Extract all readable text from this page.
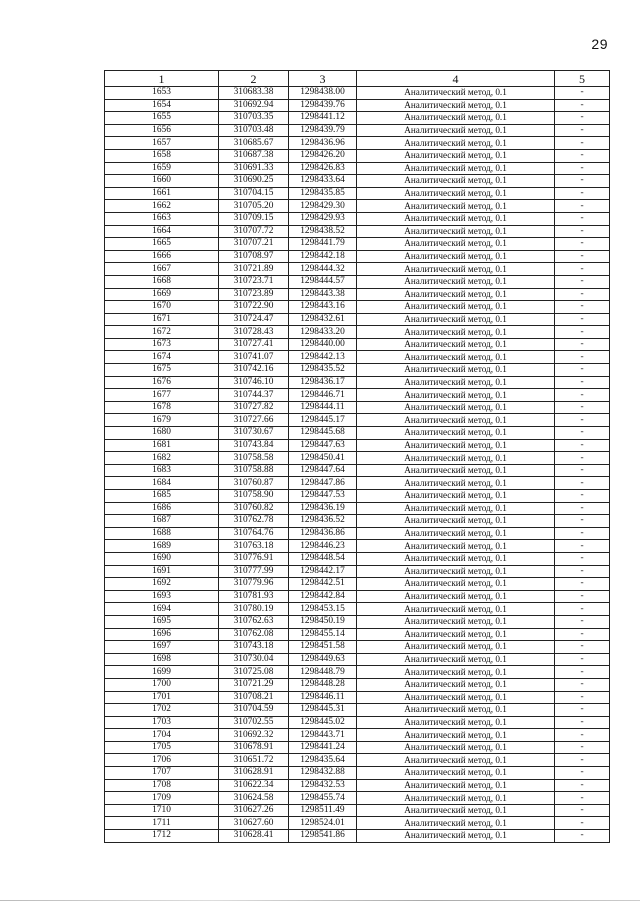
29
1	2	3	4	5
1653	310683.38	1298438.00	Аналитический метод, 0.1	-
1654	310692.94	1298439.76	Аналитический метод, 0.1	-
1655	310703.35	1298441.12	Аналитический метод, 0.1	-
1656	310703.48	1298439.79	Аналитический метод, 0.1	-
1657	310685.67	1298436.96	Аналитический метод, 0.1	-
1658	310687.38	1298426.20	Аналитический метод, 0.1	-
1659	310691.33	1298426.83	Аналитический метод, 0.1	-
1660	310690.25	1298433.64	Аналитический метод, 0.1	-
1661	310704.15	1298435.85	Аналитический метод, 0.1	-
1662	310705.20	1298429.30	Аналитический метод, 0.1	-
1663	310709.15	1298429.93	Аналитический метод, 0.1	-
1664	310707.72	1298438.52	Аналитический метод, 0.1	-
1665	310707.21	1298441.79	Аналитический метод, 0.1	-
1666	310708.97	1298442.18	Аналитический метод, 0.1	-
1667	310721.89	1298444.32	Аналитический метод, 0.1	-
1668	310723.71	1298444.57	Аналитический метод, 0.1	-
1669	310723.89	1298443.38	Аналитический метод, 0.1	-
1670	310722.90	1298443.16	Аналитический метод, 0.1	-
1671	310724.47	1298432.61	Аналитический метод, 0.1	-
1672	310728.43	1298433.20	Аналитический метод, 0.1	-
1673	310727.41	1298440.00	Аналитический метод, 0.1	-
1674	310741.07	1298442.13	Аналитический метод, 0.1	-
1675	310742.16	1298435.52	Аналитический метод, 0.1	-
1676	310746.10	1298436.17	Аналитический метод, 0.1	-
1677	310744.37	1298446.71	Аналитический метод, 0.1	-
1678	310727.82	1298444.11	Аналитический метод, 0.1	-
1679	310727.66	1298445.17	Аналитический метод, 0.1	-
1680	310730.67	1298445.68	Аналитический метод, 0.1	-
1681	310743.84	1298447.63	Аналитический метод, 0.1	-
1682	310758.58	1298450.41	Аналитический метод, 0.1	-
1683	310758.88	1298447.64	Аналитический метод, 0.1	-
1684	310760.87	1298447.86	Аналитический метод, 0.1	-
1685	310758.90	1298447.53	Аналитический метод, 0.1	-
1686	310760.82	1298436.19	Аналитический метод, 0.1	-
1687	310762.78	1298436.52	Аналитический метод, 0.1	-
1688	310764.76	1298436.86	Аналитический метод, 0.1	-
1689	310763.18	1298446.23	Аналитический метод, 0.1	-
1690	310776.91	1298448.54	Аналитический метод, 0.1	-
1691	310777.99	1298442.17	Аналитический метод, 0.1	-
1692	310779.96	1298442.51	Аналитический метод, 0.1	-
1693	310781.93	1298442.84	Аналитический метод, 0.1	-
1694	310780.19	1298453.15	Аналитический метод, 0.1	-
1695	310762.63	1298450.19	Аналитический метод, 0.1	-
1696	310762.08	1298455.14	Аналитический метод, 0.1	-
1697	310743.18	1298451.58	Аналитический метод, 0.1	-
1698	310730.04	1298449.63	Аналитический метод, 0.1	-
1699	310725.08	1298448.79	Аналитический метод, 0.1	-
1700	310721.29	1298448.28	Аналитический метод, 0.1	-
1701	310708.21	1298446.11	Аналитический метод, 0.1	-
1702	310704.59	1298445.31	Аналитический метод, 0.1	-
1703	310702.55	1298445.02	Аналитический метод, 0.1	-
1704	310692.32	1298443.71	Аналитический метод, 0.1	-
1705	310678.91	1298441.24	Аналитический метод, 0.1	-
1706	310651.72	1298435.64	Аналитический метод, 0.1	-
1707	310628.91	1298432.88	Аналитический метод, 0.1	-
1708	310622.34	1298432.53	Аналитический метод, 0.1	-
1709	310624.58	1298455.74	Аналитический метод, 0.1	-
1710	310627.26	1298511.49	Аналитический метод, 0.1	-
1711	310627.60	1298524.01	Аналитический метод, 0.1	-
1712	310628.41	1298541.86	Аналитический метод, 0.1	-
